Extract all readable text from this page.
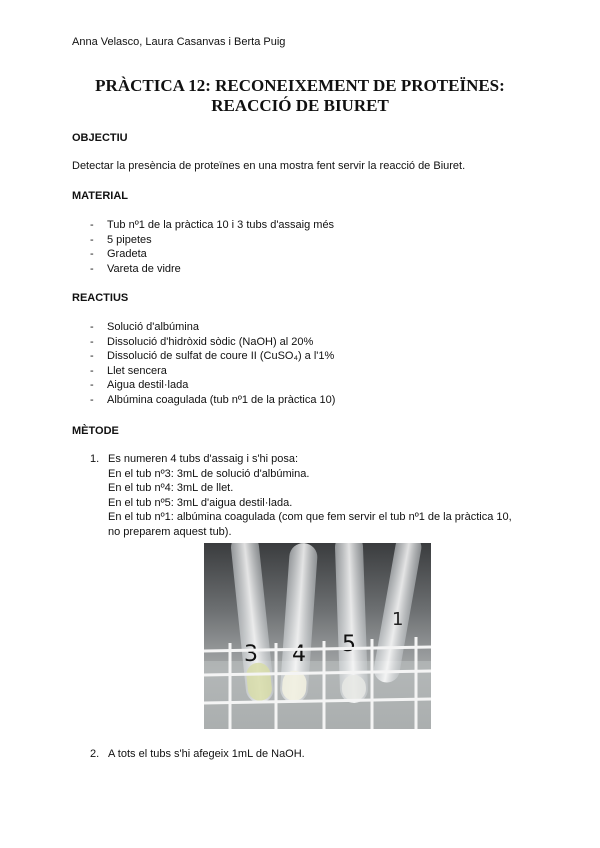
Anna Velasco, Laura Casanvas i Berta Puig
PRÀCTICA 12: RECONEIXEMENT DE PROTEÏNES:
REACCIÓ DE BIURET
OBJECTIU
Detectar la presència de proteïnes en una mostra fent servir la reacció de Biuret.
MATERIAL
- Tub nº1 de la pràctica 10 i 3 tubs d'assaig més
- 5 pipetes
- Gradeta
- Vareta de vidre
REACTIUS
- Solució d'albúmina
- Dissolució d'hidròxid sòdic (NaOH) al 20%
- Dissolució de sulfat de coure II (CuSO₄) a l'1%
- Llet sencera
- Aigua destil·lada
- Albúmina coagulada (tub nº1 de la pràctica 10)
MÈTODE
1. Es numeren 4 tubs d'assaig i s'hi posa:
En el tub nº3: 3mL de solució d'albúmina.
En el tub nº4: 3mL de llet.
En el tub nº5: 3mL d'aigua destil·lada.
En el tub nº1: albúmina coagulada (com que fem servir el tub nº1 de la pràctica 10,
no preparem aquest tub).
3 4 5
1
2. A tots el tubs s'hi afegeix 1mL de NaOH.
